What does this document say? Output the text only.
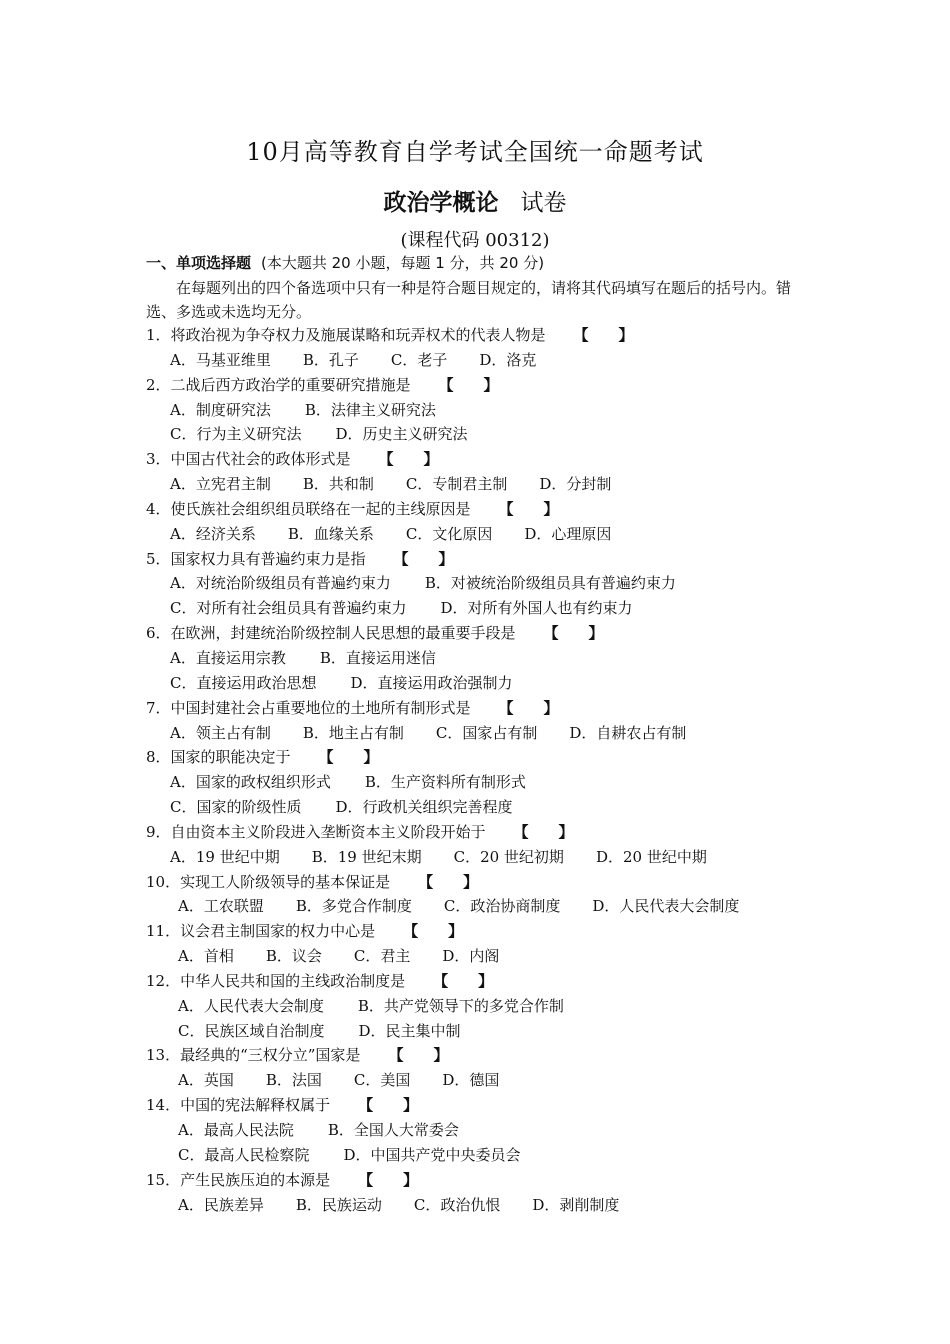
10月高等教育自学考试全国统一命题考试
政治学概论 试卷
(课程代码 00312)
一、单项选择题 (本大题共 20 小题，每题 1 分，共 20 分)
在每题列出的四个备选项中只有一种是符合题目规定的，请将其代码填写在题后的括号内。错选、多选或未选均无分。
1．将政治视为争夺权力及施展谋略和玩弄权术的代表人物是 【　　】
A．马基亚维里 B．孔子 C．老子 D．洛克
2．二战后西方政治学的重要研究措施是 【　　】
A．制度研究法 B．法律主义研究法
C．行为主义研究法 D．历史主义研究法
3．中国古代社会的政体形式是 【　　】
A．立宪君主制 B．共和制 C．专制君主制 D．分封制
4．使氏族社会组织组员联络在一起的主线原因是 【　　】
A．经济关系 B．血缘关系 C．文化原因 D．心理原因
5．国家权力具有普遍约束力是指 【　　】
A．对统治阶级组员有普遍约束力 B．对被统治阶级组员具有普遍约束力
C．对所有社会组员具有普遍约束力 D．对所有外国人也有约束力
6．在欧洲，封建统治阶级控制人民思想的最重要手段是 【　　】
A．直接运用宗教 B．直接运用迷信
C．直接运用政治思想 D．直接运用政治强制力
7．中国封建社会占重要地位的土地所有制形式是 【　　】
A．领主占有制 B．地主占有制 C．国家占有制 D．自耕农占有制
8．国家的职能决定于 【　　】
A．国家的政权组织形式 B．生产资料所有制形式
C．国家的阶级性质 D．行政机关组织完善程度
9．自由资本主义阶段进入垄断资本主义阶段开始于 【　　】
A．19 世纪中期 B．19 世纪末期 C．20 世纪初期 D．20 世纪中期
10．实现工人阶级领导的基本保证是 【　　】
A．工农联盟 B．多党合作制度 C．政治协商制度 D．人民代表大会制度
11．议会君主制国家的权力中心是 【　　】
A．首相 B．议会 C．君主 D．内阁
12．中华人民共和国的主线政治制度是 【　　】
A．人民代表大会制度 B．共产党领导下的多党合作制
C．民族区域自治制度 D．民主集中制
13．最经典的“三权分立”国家是 【　　】
A．英国 B．法国 C．美国 D．德国
14．中国的宪法解释权属于 【　　】
A．最高人民法院 B．全国人大常委会
C．最高人民检察院 D．中国共产党中央委员会
15．产生民族压迫的本源是 【　　】
A．民族差异 B．民族运动 C．政治仇恨 D．剥削制度
